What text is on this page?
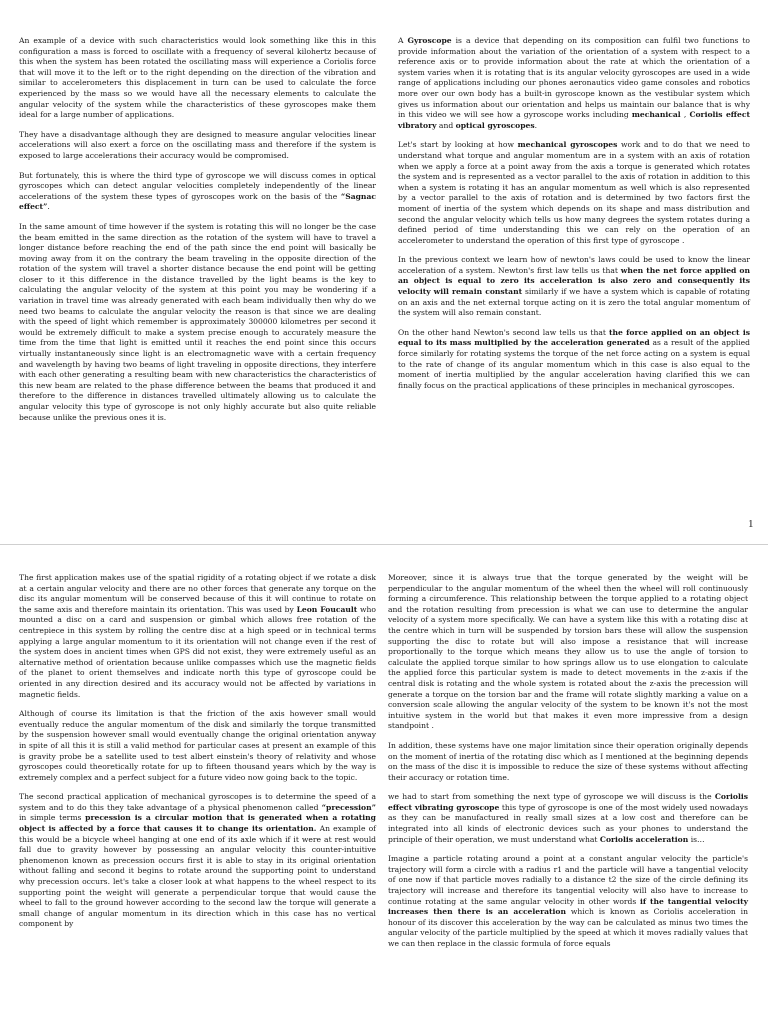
An example of a device with such characteristics would look something like this in this configuration a mass is forced to oscillate with a frequency of several kilohertz because of this when the system has been rotated the oscillating mass will experience a Coriolis force that will move it to the left or to the right depending on the direction of the vibration and similar to accelerometers this displacement in turn can be used to calculate the force experienced by the mass so we would have all the necessary elements to calculate the angular velocity of the system while the characteristics of these gyroscopes make them ideal for a large number of applications.

They have a disadvantage although they are designed to measure angular velocities linear accelerations will also exert a force on the oscillating mass and therefore if the system is exposed to large accelerations their accuracy would be compromised.

But fortunately, this is where the third type of gyroscope we will discuss comes in optical gyroscopes which can detect angular velocities completely independently of the linear accelerations of the system these types of gyroscopes work on the basis of the “Sagnac effect”.

In the same amount of time however if the system is rotating this will no longer be the case the beam emitted in the same direction as the rotation of the system will have to travel a longer distance before reaching the end of the path since the end point will basically be moving away from it on the contrary the beam traveling in the opposite direction of the rotation of the system will travel a shorter distance because the end point will be getting closer to it this difference in the distance travelled by the light beams is the key to calculating the angular velocity of the system at this point you may be wondering if a variation in travel time was already generated with each beam individually then why do we need two beams to calculate the angular velocity the reason is that since we are dealing with the speed of light which remember is approximately 300000 kilometres per second it would be extremely difficult to make a system precise enough to accurately measure the time from the time that light is emitted until it reaches the end point since this occurs virtually instantaneously since light is an electromagnetic wave with a certain frequency and wavelength by having two beams of light traveling in opposite directions, they interfere with each other generating a resulting beam with new characteristics the characteristics of this new beam are related to the phase difference between the beams that produced it and therefore to the difference in distances travelled ultimately allowing us to calculate the angular velocity this type of gyroscope is not only highly accurate but also quite reliable because unlike the previous ones it is.

A Gyroscope is a device that depending on its composition can fulfil two functions to provide information about the variation of the orientation of a system with respect to a reference axis or to provide information about the rate at which the orientation of a system varies when it is rotating that is its angular velocity gyroscopes are used in a wide range of applications including our phones aeronautics video game consoles and robotics more over our own body has a built-in gyroscope known as the vestibular system which gives us information about our orientation and helps us maintain our balance that is why in this video we will see how a gyroscope works including mechanical , Coriolis effect vibratory and optical gyroscopes.

Let's start by looking at how mechanical gyroscopes work and to do that we need to understand what torque and angular momentum are in a system with an axis of rotation when we apply a force at a point away from the axis a torque is generated which rotates the system and is represented as a vector parallel to the axis of rotation in addition to this when a system is rotating it has an angular momentum as well which is also represented by a vector parallel to the axis of rotation and is determined by two factors first the moment of inertia of the system which depends on its shape and mass distribution and second the angular velocity which tells us how many degrees the system rotates during a defined period of time understanding this we can rely on the operation of an accelerometer to understand the operation of this first type of gyroscope .

In the previous context we learn how of newton's laws could be used to know the linear acceleration of a system. Newton's first law tells us that when the net force applied on an object is equal to zero its acceleration is also zero and consequently its velocity will remain constant similarly if we have a system which is capable of rotating on an axis and the net external torque acting on it is zero the total angular momentum of the system will also remain constant.

On the other hand Newton's second law tells us that the force applied on an object is equal to its mass multiplied by the acceleration generated as a result of the applied force similarly for rotating systems the torque of the net force acting on a system is equal to the rate of change of its angular momentum which in this case is also equal to the moment of inertia multiplied by the angular acceleration having clarified this we can finally focus on the practical applications of these principles in mechanical gyroscopes.

1

The first application makes use of the spatial rigidity of a rotating object if we rotate a disk at a certain angular velocity and there are no other forces that generate any torque on the disc its angular momentum will be conserved because of this it will continue to rotate on the same axis and therefore maintain its orientation. This was used by Leon Foucault who mounted a disc on a card and suspension or gimbal which allows free rotation of the centrepiece in this system by rolling the centre disc at a high speed or in technical terms applying a large angular momentum to it its orientation will not change even if the rest of the system does in ancient times when GPS did not exist, they were extremely useful as an alternative method of orientation because unlike compasses which use the magnetic fields of the planet to orient themselves and indicate north this type of gyroscope could be oriented in any direction desired and its accuracy would not be affected by variations in magnetic fields.

Although of course its limitation is that the friction of the axis however small would eventually reduce the angular momentum of the disk and similarly the torque transmitted by the suspension however small would eventually change the original orientation anyway in spite of all this it is still a valid method for particular cases at present an example of this is gravity probe be a satellite used to test albert einstein's theory of relativity and whose gyroscopes could theoretically rotate for up to fifteen thousand years which by the way is extremely complex and a perfect subject for a future video now going back to the topic.

The second practical application of mechanical gyroscopes is to determine the speed of a system and to do this they take advantage of a physical phenomenon called “precession” in simple terms precession is a circular motion that is generated when a rotating object is affected by a force that causes it to change its orientation. An example of this would be a bicycle wheel hanging at one end of its axle which if it were at rest would fall due to gravity however by possessing an angular velocity this counter-intuitive phenomenon known as precession occurs first it is able to stay in its original orientation without falling and second it begins to rotate around the supporting point to understand why precession occurs. let's take a closer look at what happens to the wheel respect to its supporting point the weight will generate a perpendicular torque that would cause the wheel to fall to the ground however according to the second law the torque will generate a small change of angular momentum in its direction which in this case has no vertical component by

Moreover, since it is always true that the torque generated by the weight will be perpendicular to the angular momentum of the wheel then the wheel will roll continuously forming a circumference. This relationship between the torque applied to a rotating object and the rotation resulting from precession is what we can use to determine the angular velocity of a system more specifically. We can have a system like this with a rotating disc at the centre which in turn will be suspended by torsion bars these will allow the suspension supporting the disc to rotate but will also impose a resistance that will increase proportionally to the torque which means they allow us to use the angle of torsion to calculate the applied torque similar to how springs allow us to use elongation to calculate the applied force this particular system is made to detect movements in the z-axis if the central disk is rotating and the whole system is rotated about the z-axis the precession will generate a torque on the torsion bar and the frame will rotate slightly marking a value on a conversion scale allowing the angular velocity of the system to be known it's not the most intuitive system in the world but that makes it even more impressive from a design standpoint .

In addition, these systems have one major limitation since their operation originally depends on the moment of inertia of the rotating disc which as I mentioned at the beginning depends on the mass of the disc it is impossible to reduce the size of these systems without affecting their accuracy or rotation time.

we had to start from something the next type of gyroscope we will discuss is the Coriolis effect vibrating gyroscope this type of gyroscope is one of the most widely used nowadays as they can be manufactured in really small sizes at a low cost and therefore can be integrated into all kinds of electronic devices such as your phones to understand the principle of their operation, we must understand what Coriolis acceleration is…

Imagine a particle rotating around a point at a constant angular velocity the particle's trajectory will form a circle with a radius r1 and the particle will have a tangential velocity of one now if that particle moves radially to a distance t2 the size of the circle defining its trajectory will increase and therefore its tangential velocity will also have to increase to continue rotating at the same angular velocity in other words if the tangential velocity increases then there is an acceleration which is known as Coriolis acceleration in honour of its discover this acceleration by the way can be calculated as minus two times the angular velocity of the particle multiplied by the speed at which it moves radially values that we can then replace in the classic formula of force equals
